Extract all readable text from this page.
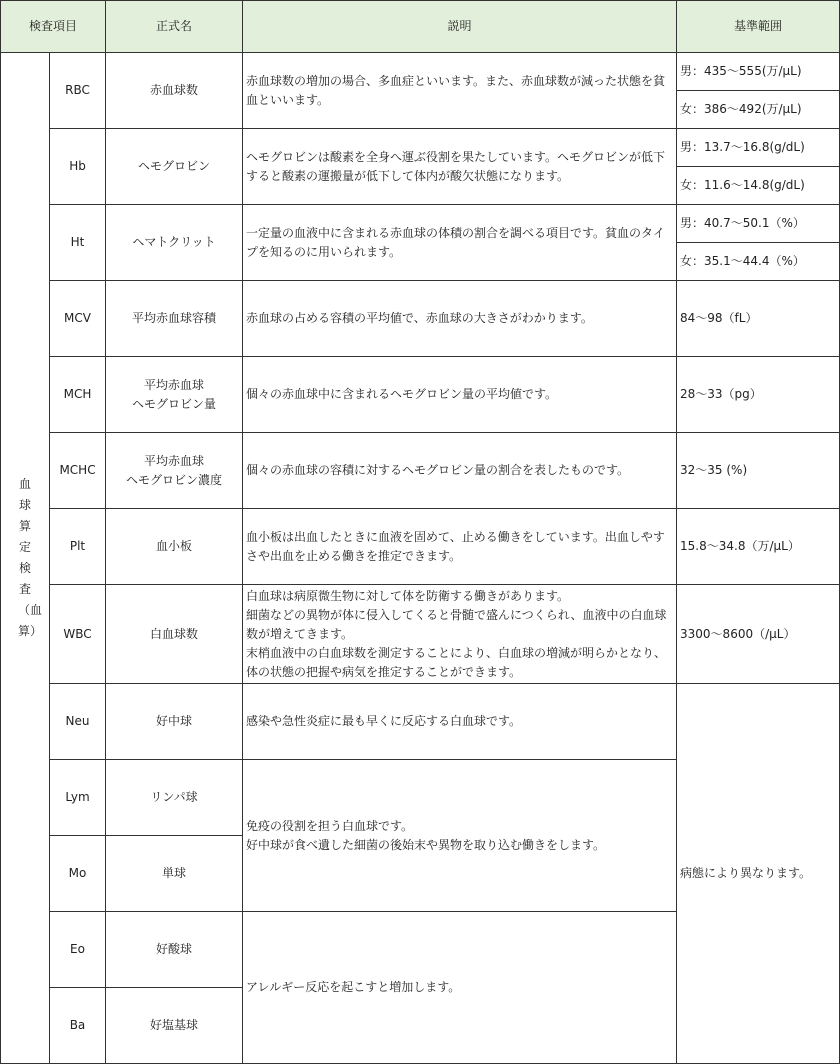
検査項目		正式名	説明	基準範囲
血球算定検査（血算）	RBC	赤血球数	赤血球数の増加の場合、多血症といいます。また、赤血球数が減った状態を貧血といいます。	男：435～555(万/μL)
				女：386～492(万/μL)
	Hb	ヘモグロビン	ヘモグロビンは酸素を全身へ運ぶ役割を果たしています。ヘモグロビンが低下すると酸素の運搬量が低下して体内が酸欠状態になります。	男：13.7～16.8(g/dL)
				女：11.6～14.8(g/dL)
	Ht	ヘマトクリット	一定量の血液中に含まれる赤血球の体積の割合を調べる項目です。貧血のタイプを知るのに用いられます。	男：40.7～50.1（%）
				女：35.1～44.4（%）
	MCV	平均赤血球容積	赤血球の占める容積の平均値で、赤血球の大きさがわかります。	84～98（fL）
	MCH	平均赤血球
ヘモグロビン量	個々の赤血球中に含まれるヘモグロビン量の平均値です。	28～33（pg）
	MCHC	平均赤血球
ヘモグロビン濃度	個々の赤血球の容積に対するヘモグロビン量の割合を表したものです。	32～35 (%)
	Plt	血小板	血小板は出血したときに血液を固めて、止める働きをしています。出血しやすさや出血を止める働きを推定できます。	15.8～34.8（万/μL）
	WBC	白血球数	白血球は病原微生物に対して体を防衛する働きがあります。
細菌などの異物が体に侵入してくると骨髄で盛んにつくられ、血液中の白血球数が増えてきます。
末梢血液中の白血球数を測定することにより、白血球の増減が明らかとなり、体の状態の把握や病気を推定することができます。	3300～8600（/μL）
	Neu	好中球	感染や急性炎症に最も早くに反応する白血球です。	病態により異なります。
	Lym	リンパ球	免疫の役割を担う白血球です。
好中球が食べ遺した細菌の後始末や異物を取り込む働きをします。	
	Mo	単球		
	Eo	好酸球	アレルギー反応を起こすと増加します。	
	Ba	好塩基球		
